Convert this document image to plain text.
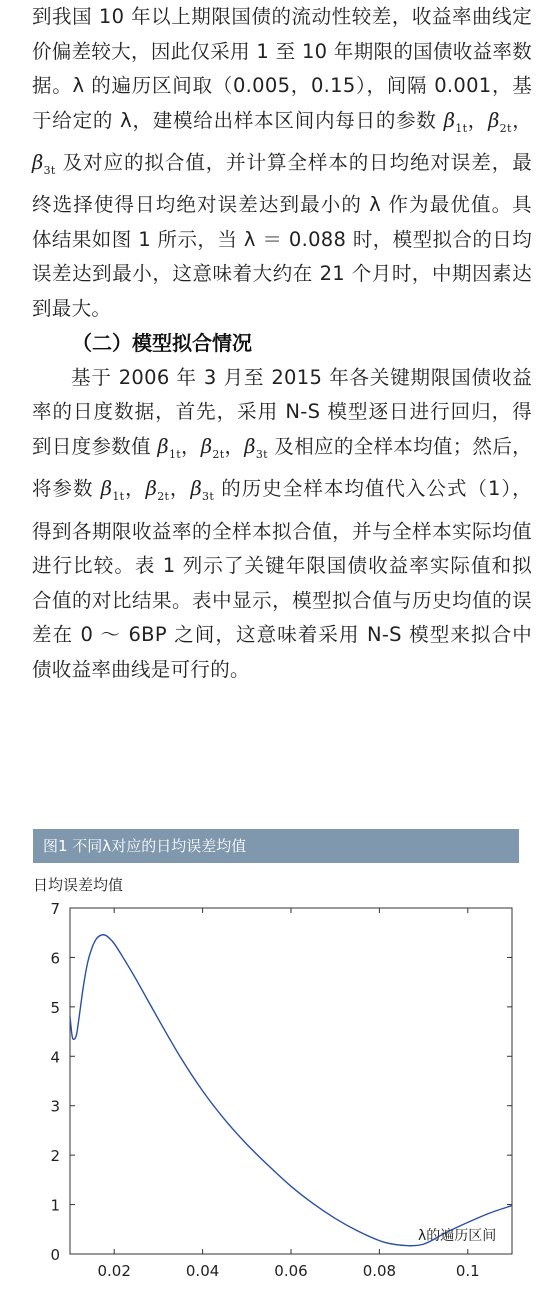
到我国 10 年以上期限国债的流动性较差，收益率曲线定价偏差较大，因此仅采用 1 至 10 年期限的国债收益率数据。λ 的遍历区间取（0.005，0.15），间隔 0.001，基于给定的 λ，建模给出样本区间内每日的参数 $\beta_{1t}$，$\beta_{2t}$，$\beta_{3t}$ 及对应的拟合值，并计算全样本的日均绝对误差，最终选择使得日均绝对误差达到最小的 λ 作为最优值。具体结果如图 1 所示，当 λ ＝ 0.088 时，模型拟合的日均误差达到最小，这意味着大约在 21 个月时，中期因素达到最大。

（二）模型拟合情况

基于 2006 年 3 月至 2015 年各关键期限国债收益率的日度数据，首先，采用 N-S 模型逐日进行回归，得到日度参数值 $\beta_{1t}$，$\beta_{2t}$，$\beta_{3t}$ 及相应的全样本均值；然后，将参数 $\beta_{1t}$，$\beta_{2t}$，$\beta_{3t}$ 的历史全样本均值代入公式（1），得到各期限收益率的全样本拟合值，并与全样本实际均值进行比较。表 1 列示了关键年限国债收益率实际值和拟合值的对比结果。表中显示，模型拟合值与历史均值的误差在 0 ～ 6BP 之间，这意味着采用 N-S 模型来拟合中债收益率曲线是可行的。

图1 不同λ对应的日均误差均值
日均误差均值
0
1
2
3
4
5
6
7
0.02	0.04	0.06	0.08	0.1
λ的遍历区间
